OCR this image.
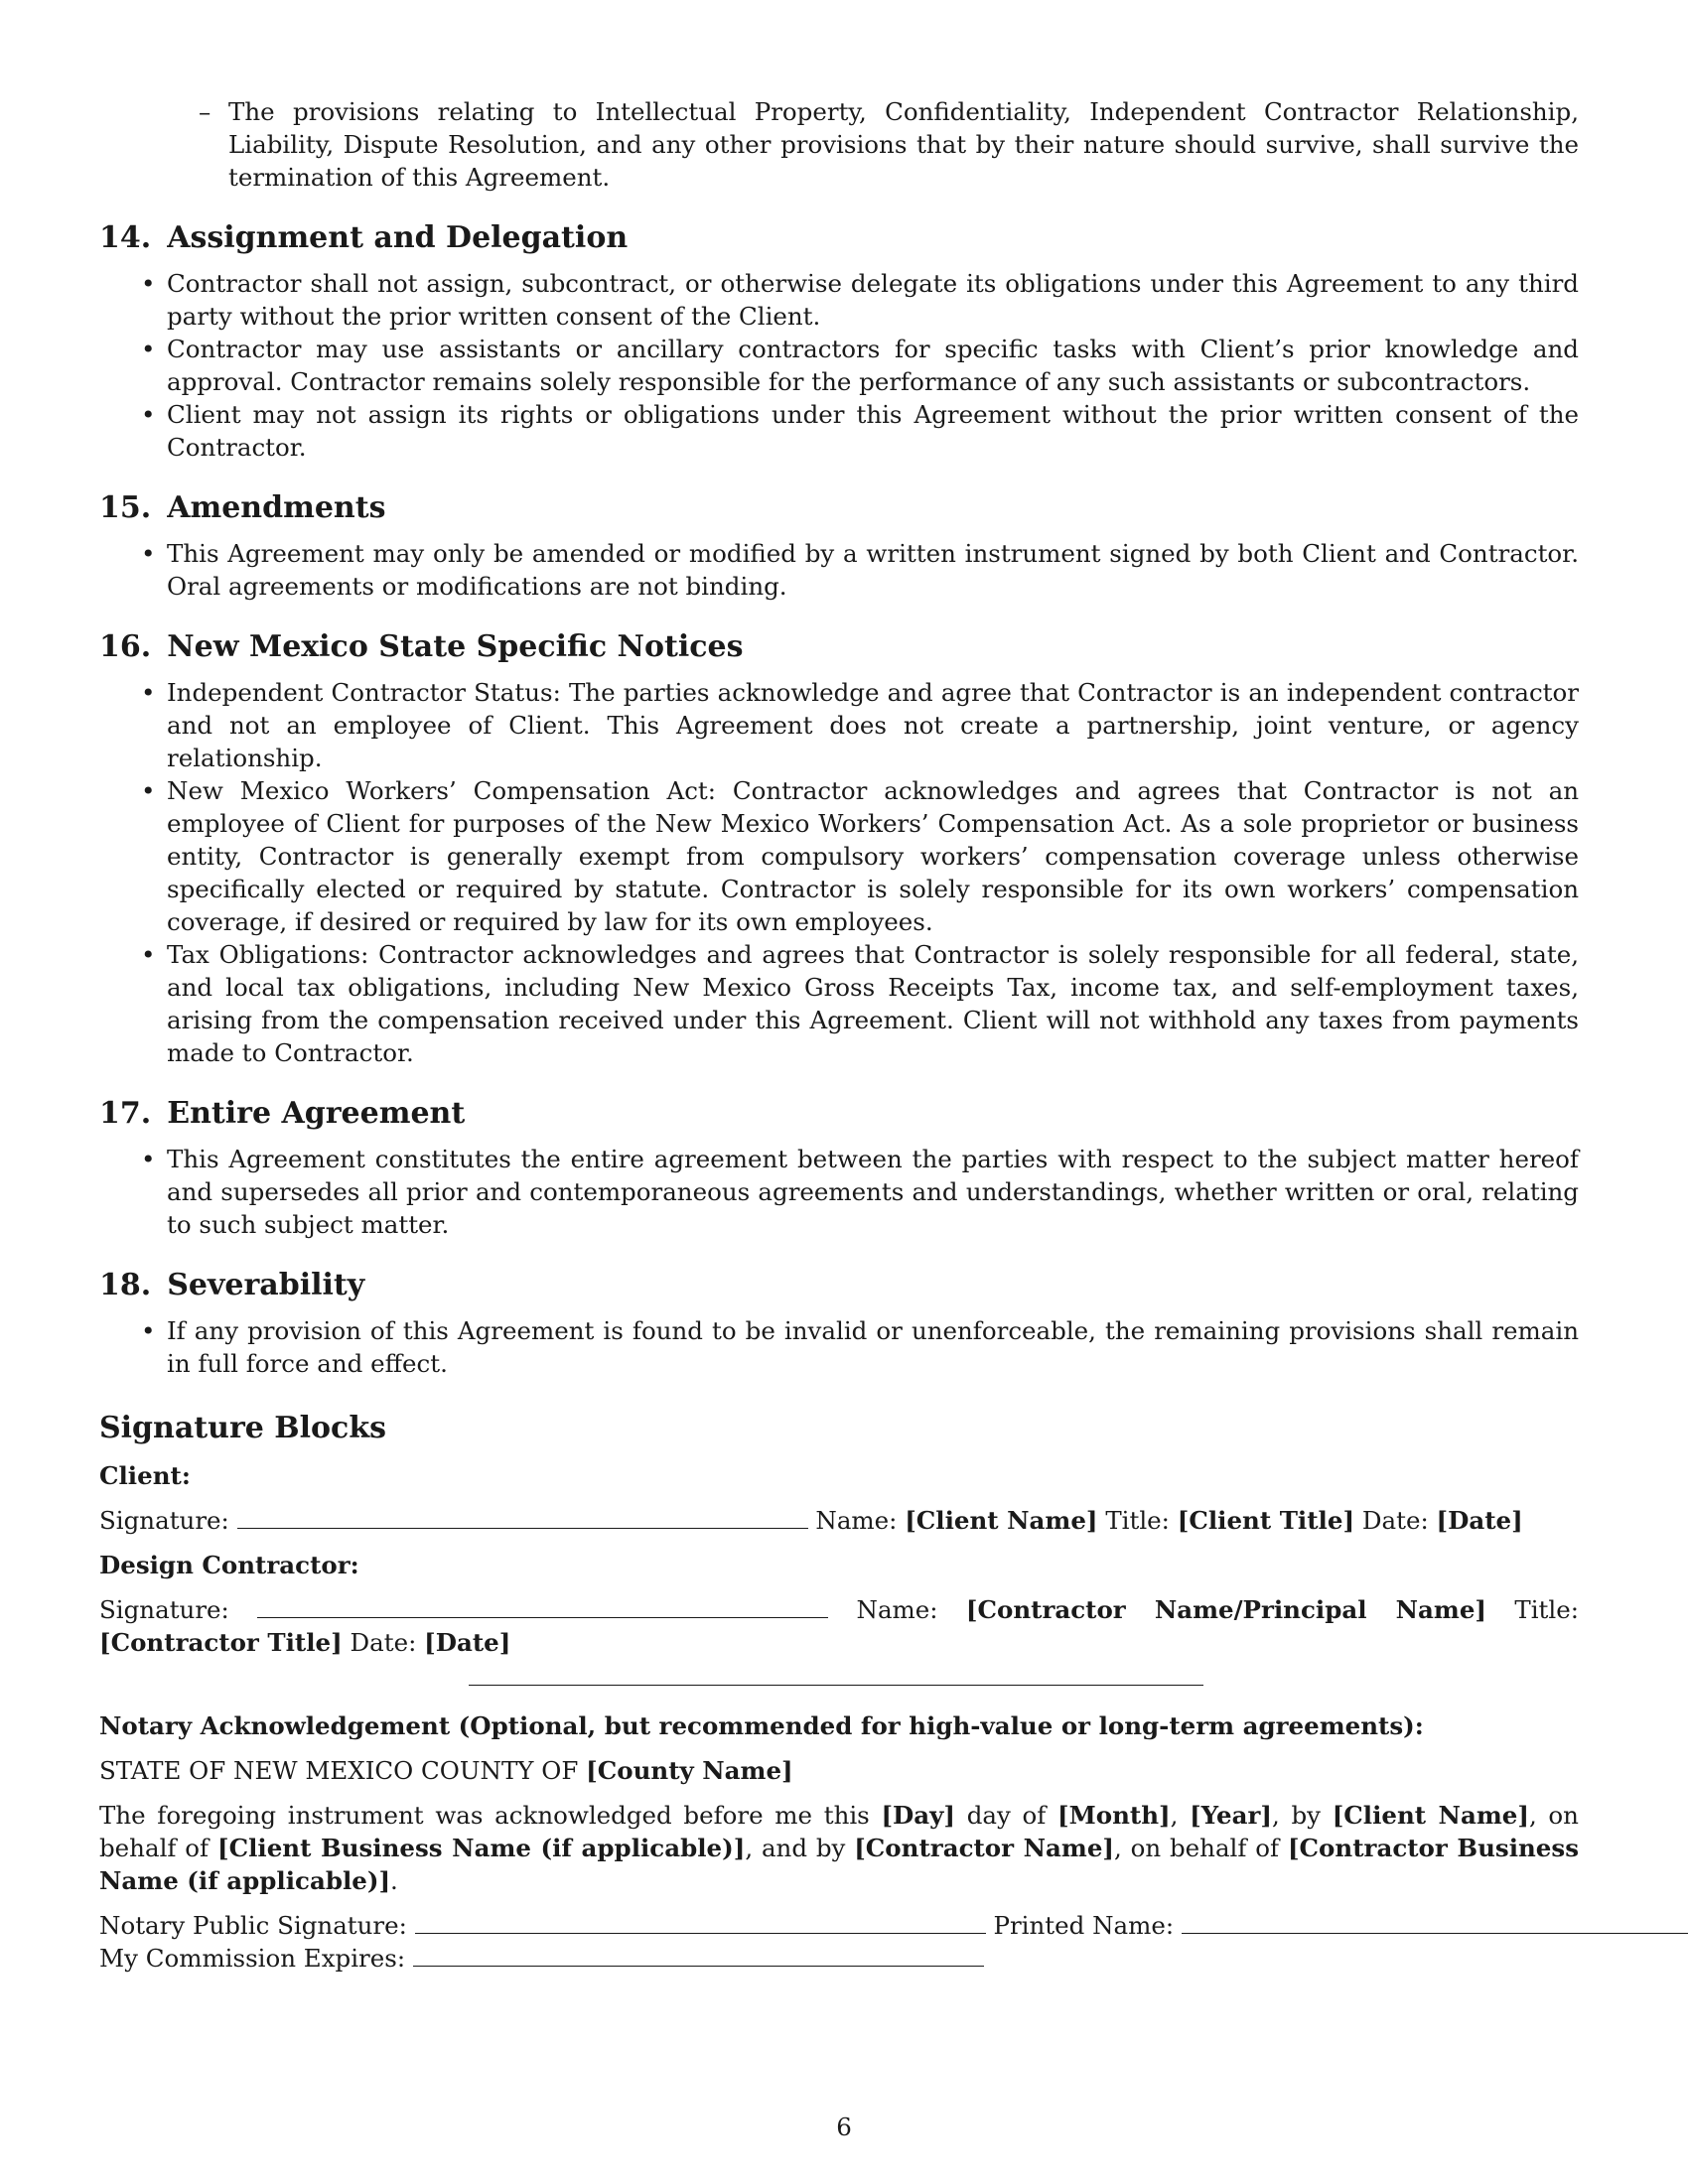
– The provisions relating to Intellectual Property, Confidentiality, Independent Contractor Relationship, Liability, Dispute Resolution, and any other provisions that by their nature should survive, shall survive the termination of this Agreement.
14. Assignment and Delegation
• Contractor shall not assign, subcontract, or otherwise delegate its obligations under this Agreement to any third party without the prior written consent of the Client.
• Contractor may use assistants or ancillary contractors for specific tasks with Client’s prior knowledge and approval. Contractor remains solely responsible for the performance of any such assistants or subcontractors.
• Client may not assign its rights or obligations under this Agreement without the prior written consent of the Contractor.
15. Amendments
• This Agreement may only be amended or modified by a written instrument signed by both Client and Contractor. Oral agreements or modifications are not binding.
16. New Mexico State Specific Notices
• Independent Contractor Status: The parties acknowledge and agree that Contractor is an independent contractor and not an employee of Client. This Agreement does not create a partnership, joint venture, or agency relationship.
• New Mexico Workers’ Compensation Act: Contractor acknowledges and agrees that Contractor is not an employee of Client for purposes of the New Mexico Workers’ Compensation Act. As a sole proprietor or business entity, Contractor is generally exempt from compulsory workers’ compensation coverage unless otherwise specifically elected or required by statute. Contractor is solely responsible for its own workers’ compensation coverage, if desired or required by law for its own employees.
• Tax Obligations: Contractor acknowledges and agrees that Contractor is solely responsible for all federal, state, and local tax obligations, including New Mexico Gross Receipts Tax, income tax, and self-employment taxes, arising from the compensation received under this Agreement. Client will not withhold any taxes from payments made to Contractor.
17. Entire Agreement
• This Agreement constitutes the entire agreement between the parties with respect to the subject matter hereof and supersedes all prior and contemporaneous agreements and understandings, whether written or oral, relating to such subject matter.
18. Severability
• If any provision of this Agreement is found to be invalid or unenforceable, the remaining provisions shall remain in full force and effect.
Signature Blocks
Client:
Signature:	Name: [Client Name] Title: [Client Title] Date: [Date]
Design Contractor:
Signature:	Name: [Contractor Name/Principal Name] Title: [Contractor Title] Date: [Date]
Notary Acknowledgement (Optional, but recommended for high-value or long-term agreements):

STATE OF NEW MEXICO COUNTY OF [County Name]

The foregoing instrument was acknowledged before me this [Day] day of [Month], [Year], by [Client Name], on behalf of [Client Business Name (if applicable)], and by [Contractor Name], on behalf of [Contractor Business Name (if applicable)].

Notary Public Signature:	Printed Name:
My Commission Expires:
6
